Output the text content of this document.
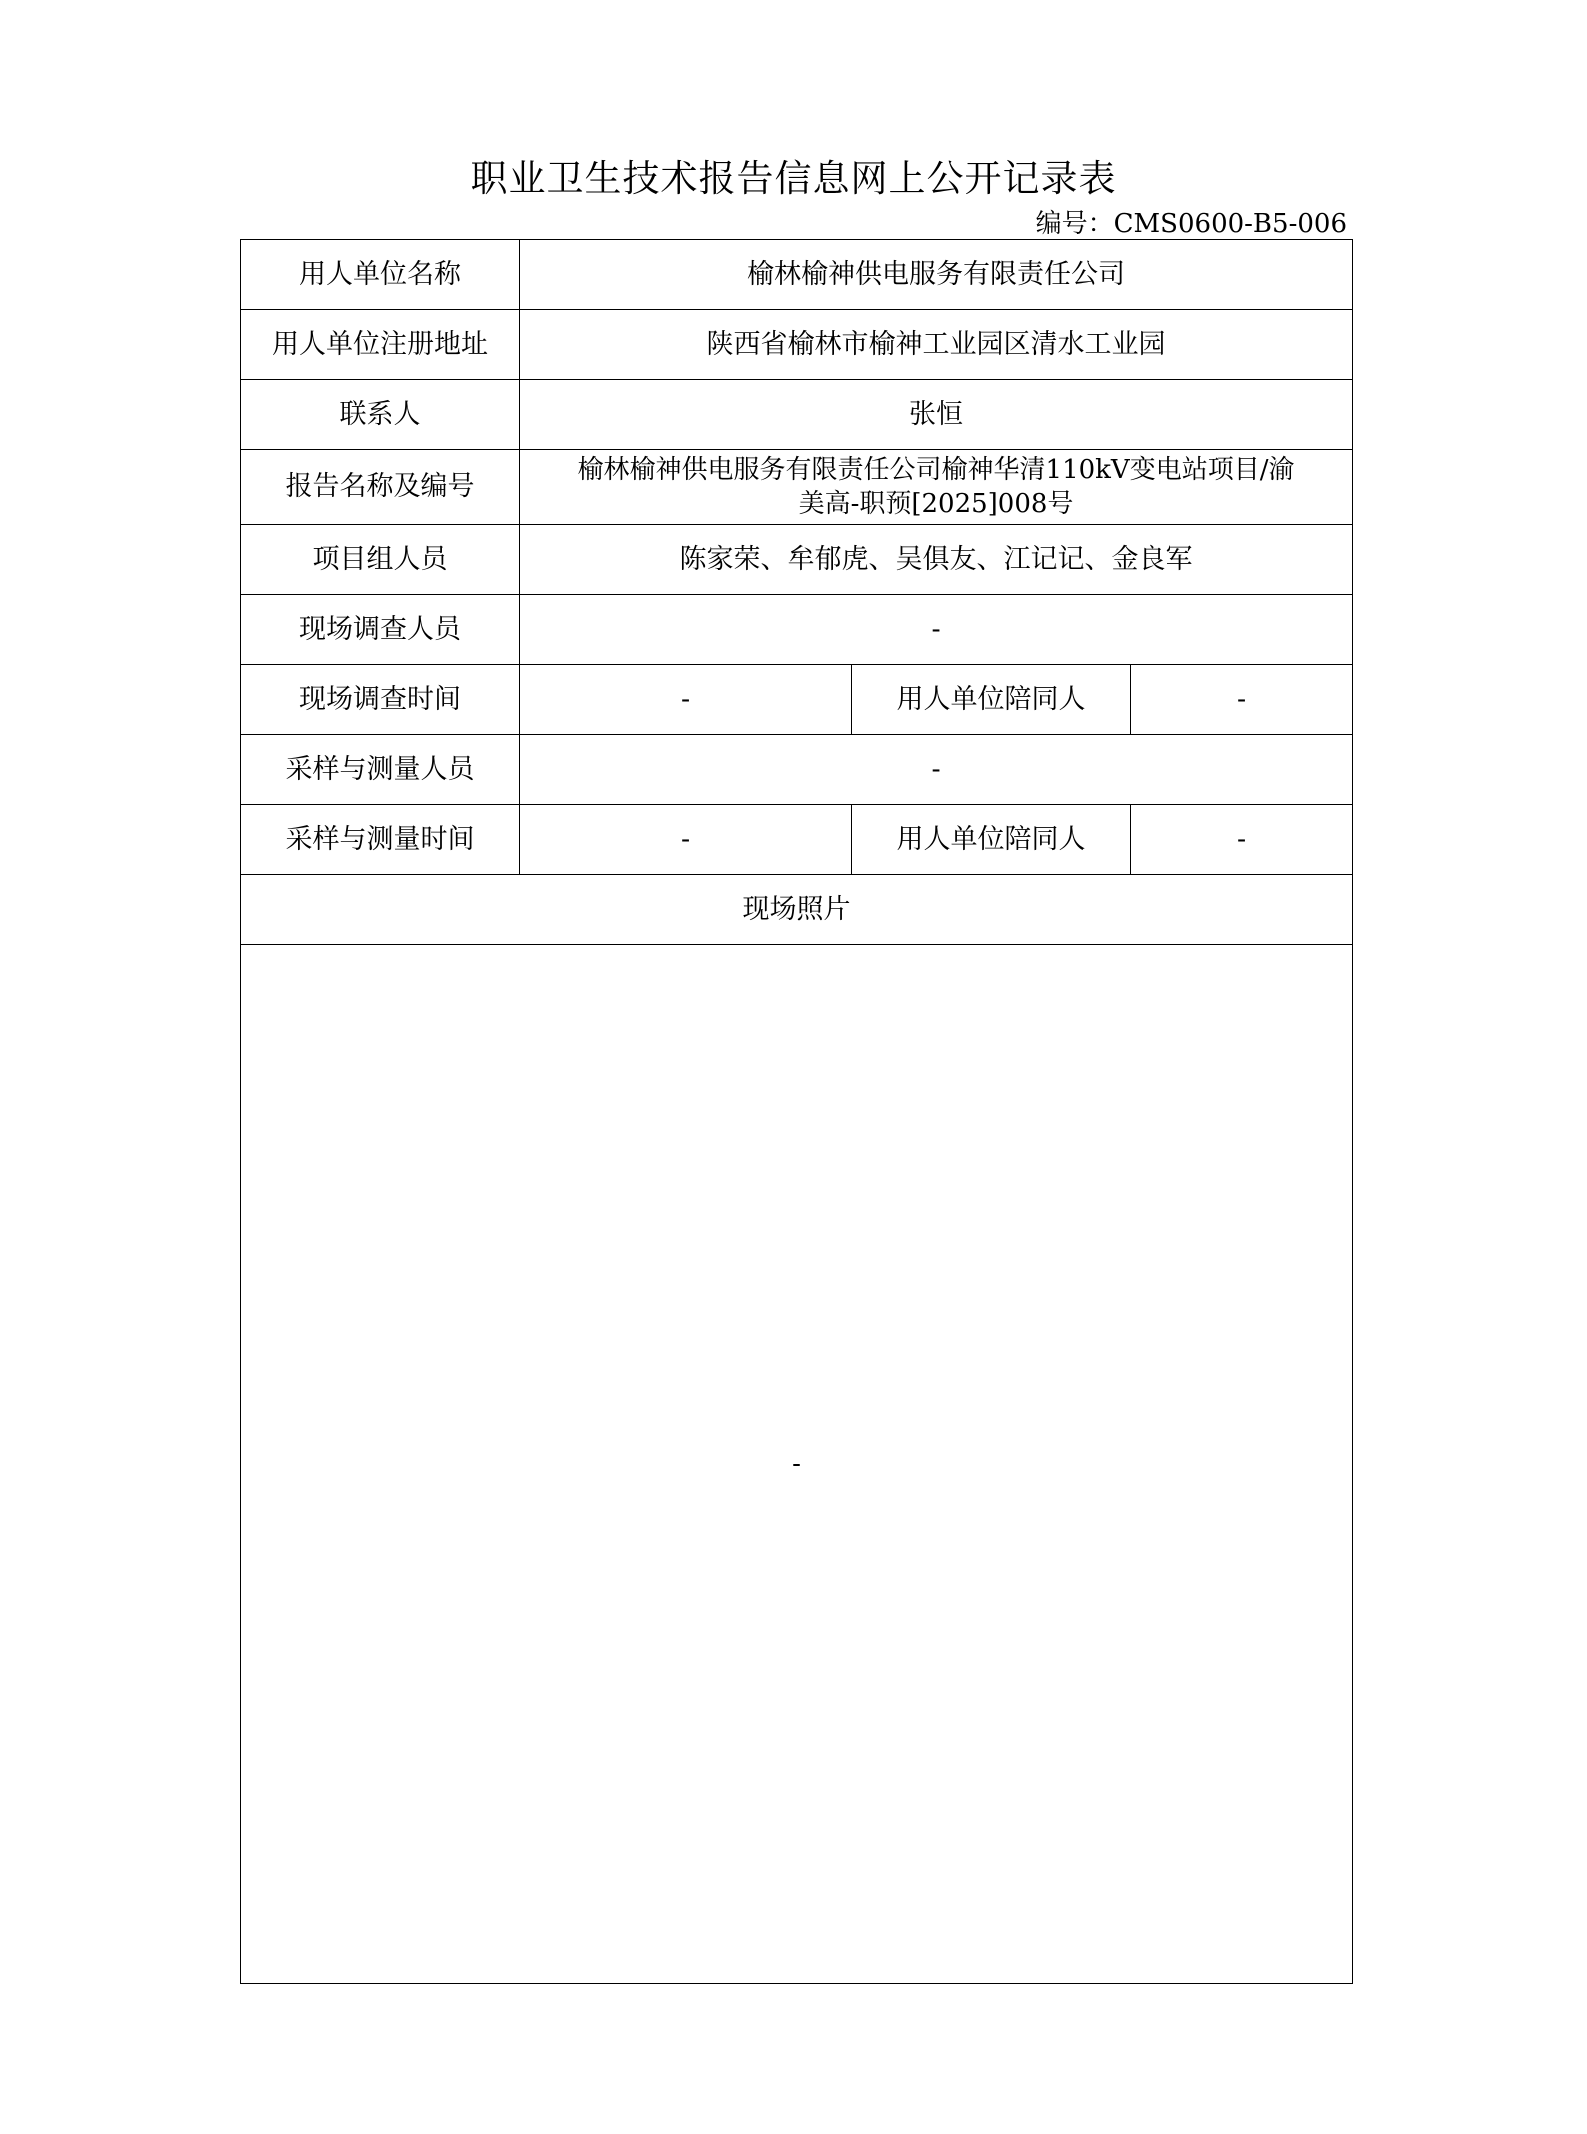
职业卫生技术报告信息网上公开记录表
编号：CMS0600-B5-006
用人单位名称	榆林榆神供电服务有限责任公司		
用人单位注册地址	陕西省榆林市榆神工业园区清水工业园		
联系人	张恒		
报告名称及编号	榆林榆神供电服务有限责任公司榆神华清110kV变电站项目/渝
美高-职预[2025]008号		

项目组人员	陈家荣、牟郁虎、吴俱友、江记记、金良军		
现场调查人员	-		
现场调查时间	-	用人单位陪同人	-
采样与测量人员	-		
采样与测量时间	-	用人单位陪同人	-
现场照片			
-			
